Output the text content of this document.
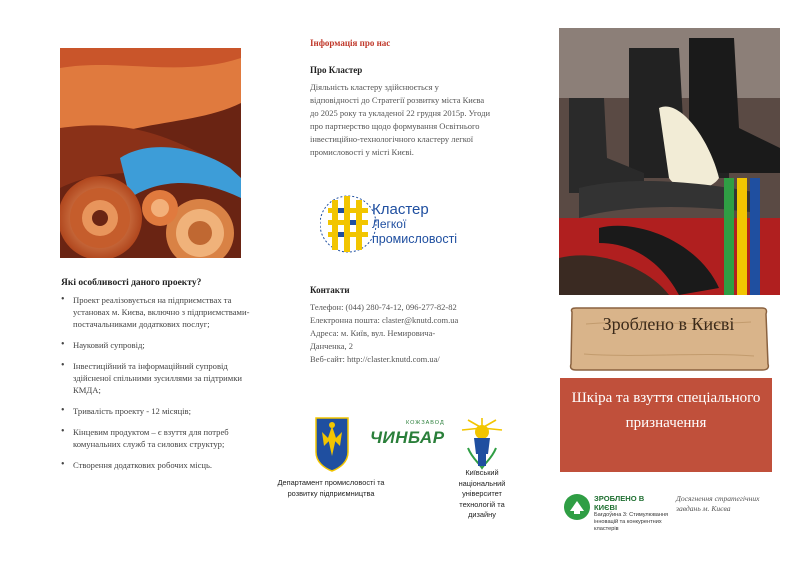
Які особливості даного проекту?
• Проект реалізовується на підприємствах та установах м. Києва, включно з підприємствами-постачальниками додаткових послуг;
• Науковий супровід;
• Інвестиційний та інформаційний супровід здійсненої спільними зусиллями за підтримки КМДА;
• Тривалість проекту - 12 місяців;
• Кінцевим продуктом – є взуття для потреб комунальних служб та силових структур;
• Створення додаткових робочих місць.
Інформація про нас
Про Кластер
Діяльність кластеру здійснюється у відповідності до Стратегії розвитку міста Києва до 2025 року та укладеної 22 грудня 2015р. Угоди про партнерство щодо формування Освітнього інвестиційно-технологічного кластеру легкої промисловості у місті Києві.
Кластер
Легкої
промисловості
Контакти
Телефон: (044) 280-74-12, 096-277-82-82
Електронна пошта: claster@knutd.com.ua
Адреса: м. Київ, вул. Немировича-
Данченка, 2
Веб-сайт: http://claster.knutd.com.ua/
КОЖЗАВОД
ЧИНБАР
Департамент промисловості та розвитку підприємництва
Київський національний університет технологій та дизайну
Зроблено в Києві
Шкіра та взуття спеціального призначення
ЗРОБЛЕНО В КИЄВІ
Бағдоўина 3: Стимулювання інновацій та конкурентних кластерів
Досягнення стратегічних завдань м. Києва
